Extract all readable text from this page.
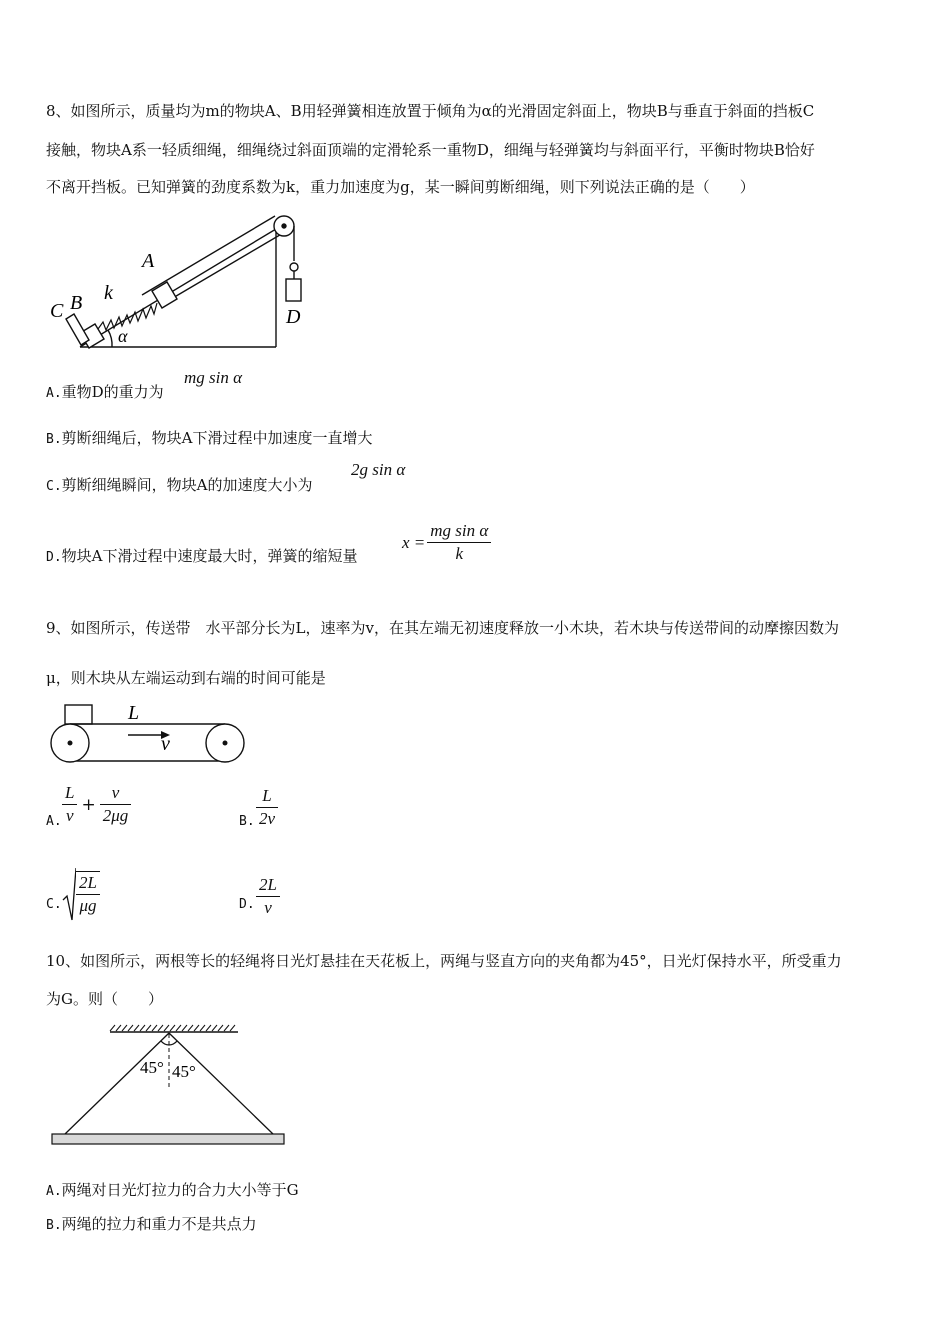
8、如图所示，质量均为m的物块A、B用轻弹簧相连放置于倾角为α的光滑固定斜面上，物块B与垂直于斜面的挡板C
接触，物块A系一轻质细绳，细绳绕过斜面顶端的定滑轮系一重物D，细绳与轻弹簧均与斜面平行，平衡时物块B恰好
不离开挡板。已知弹簧的劲度系数为k，重力加速度为g，某一瞬间剪断细绳，则下列说法正确的是（　　）
C B k
A
α
D
A.重物D的重力为
mg sin α
B.剪断细绳后，物块A下滑过程中加速度一直增大
C.剪断细绳瞬间，物块A的加速度大小为
2g sin α
D.物块A下滑过程中速度最大时，弹簧的缩短量
$x = \frac{\text{mg sin α}}{k}$
9、如图所示，传送带　水平部分长为L，速率为v，在其左端无初速度释放一小木块，若木块与传送带间的动摩擦因数为
μ，则木块从左端运动到右端的时间可能是
L
v
A. $\frac{L}{v} + \frac{v}{2\mu g}$	B. $\frac{L}{2v}$
C. $\frac{2L}{\mu g}$	D. $\frac{2L}{v}$
10、如图所示，两根等长的轻绳将日光灯悬挂在天花板上，两绳与竖直方向的夹角都为45°，日光灯保持水平，所受重力
为G。则（　　）
45° 45°
A.两绳对日光灯拉力的合力大小等于G
B.两绳的拉力和重力不是共点力
